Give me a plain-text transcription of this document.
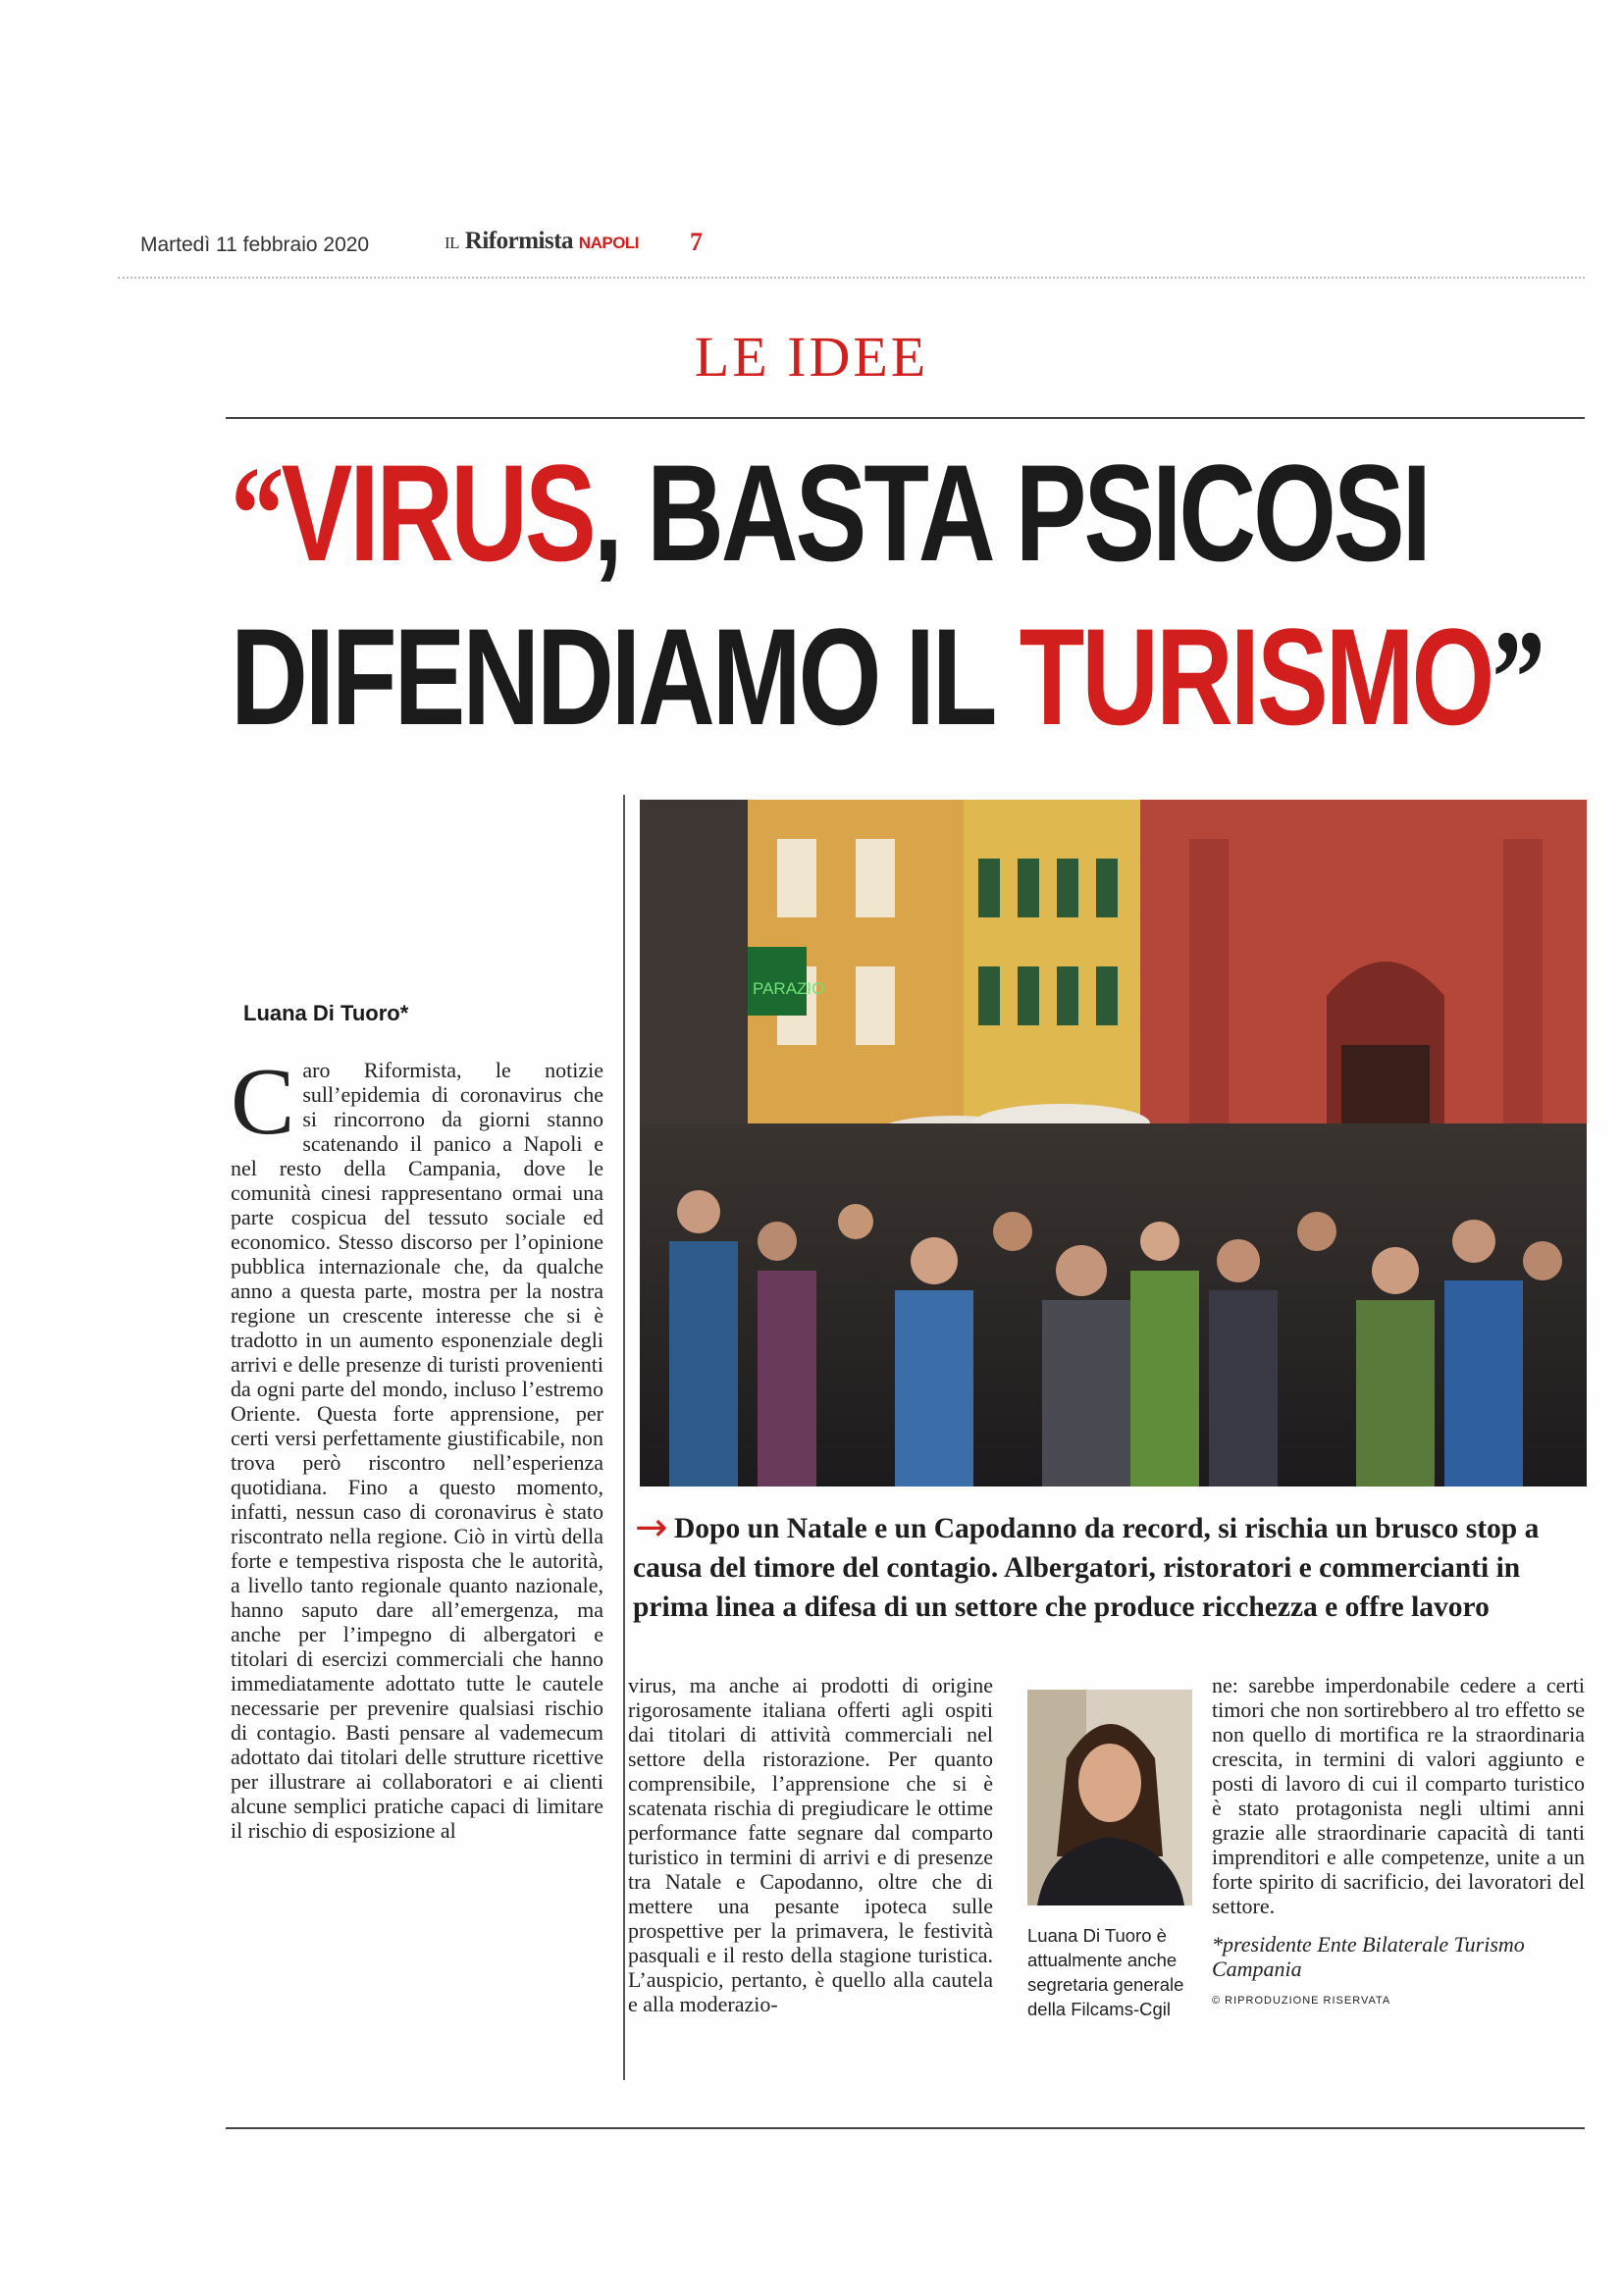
Martedì 11 febbraio 2020	IL Riformista NAPOLI 7
LE IDEE
“VIRUS, BASTA PSICOSI
DIFENDIAMO IL TURISMO”
PARAZIO
→ Dopo un Natale e un Capodanno da record, si rischia un brusco stop a causa del timore del contagio. Albergatori, ristoratori e commercianti in prima linea a difesa di un settore che produce ricchezza e offre lavoro
Luana Di Tuoro*
Caro Riformista, le notizie sull’epidemia di coronavirus che si rincorrono da giorni stanno scatenando il panico a Napoli e nel resto della Campania, dove le comunità cinesi rappresentano ormai una parte cospicua del tessuto sociale ed economico. Stesso discorso per l’opinione pubblica internazionale che, da qualche anno a questa parte, mostra per la nostra regione un crescente interesse che si è tradotto in un aumento esponenziale degli arrivi e delle presenze di turisti provenienti da ogni parte del mondo, incluso l’estremo Oriente. Questa forte apprensione, per certi versi perfettamente giustificabile, non trova però riscontro nell’esperienza quotidiana. Fino a questo momento, infatti, nessun caso di coronavirus è stato riscontrato nella regione. Ciò in virtù della forte e tempestiva risposta che le autorità, a livello tanto regionale quanto nazionale, hanno saputo dare all’emergenza, ma anche per l’impegno di albergatori e titolari di esercizi commerciali che hanno immediatamente adottato tutte le cautele necessarie per prevenire qualsiasi rischio di contagio. Basti pensare al vademecum adottato dai titolari delle strutture ricettive per illustrare ai collaboratori e ai clienti alcune semplici pratiche capaci di limitare il rischio di esposizione al
virus, ma anche ai prodotti di origine rigorosamente italiana offerti agli ospiti dai titolari di attività commerciali nel settore della ristorazione. Per quanto comprensibile, l’apprensione che si è scatenata rischia di pregiudicare le ottime performance fatte segnare dal comparto turistico in termini di arrivi e di presenze tra Natale e Capodanno, oltre che di mettere una pesante ipoteca sulle prospettive per la primavera, le festività pasquali e il resto della stagione turistica. L’auspicio, pertanto, è quello alla cautela e alla moderazio-
Luana Di Tuoro è attualmente anche segretaria generale della Filcams-Cgil
ne: sarebbe imperdonabile cedere a certi timori che non sortirebbero al tro effetto se non quello di mortifica re la straordinaria crescita, in termini di valori aggiunto e posti di lavoro di cui il comparto turistico è stato protagonista negli ultimi anni grazie alle straordinarie capacità di tanti imprenditori e alle competenze, unite a un forte spirito di sacrificio, dei lavoratori del settore.
*presidente Ente Bilaterale Turismo Campania
© RIPRODUZIONE RISERVATA
